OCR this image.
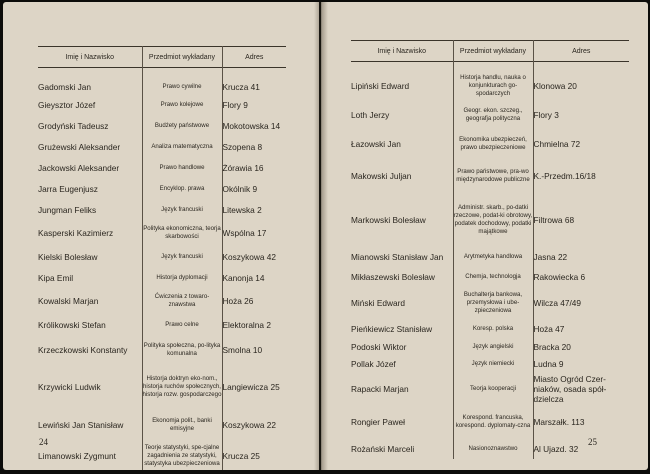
Imię i Nazwisko	Przedmiot wykładany	Adres

Gadomski Jan	Prawo cywilne	Krucza 41
Gieysztor Józef	Prawo kolejowe	Flory 9
Grodyński Tadeusz	Budżety państwowe	Mokotowska 14
Grużewski Aleksander	Analiza matematyczna	Szopena 8
Jackowski Aleksander	Prawo handlowe	Żórawia 16
Jarra Eugenjusz	Encyklop. prawa	Okólnik 9
Jungman Feliks	Język francuski	Litewska 2
Kasperski Kazimierz	Polityka ekonomiczna, teorja skarbowości	Wspólna 17
Kielski Bolesław	Język francuski	Koszykowa 42
Kipa Emil	Historja dyplomacji	Kanonja 14
Kowalski Marjan	Ćwiczenia z towaro-znawstwa	Hoża 26
Królikowski Stefan	Prawo celne	Elektoralna 2
Krzeczkowski Konstanty	Polityka społeczna, po-lityka komunalna	Smolna 10
Krzywicki Ludwik	Historja doktryn eko-nom., historja ruchów społecznych, historja rozw. gospodarczego	Langiewicza 25
Lewiński Jan Stanisław	Ekonomja polit., banki emisyjne	Koszykowa 22
Limanowski Zygmunt	Teorje statystyki, spe-cjalne zagadnienia ze statystyki, statystyka ubezpieczeniowa	Krucza 25
24
Imię i Nazwisko	Przedmiot wykładany	Adres

Lipiński Edward	Historja handlu, nauka o konjunkturach go-spodarczych	Klonowa 20
Loth Jerzy	Geogr. ekon. szczeg., geografja polityczna	Flory 3
Łazowski Jan	Ekonomika ubezpieczeń, prawo ubezpieczeniowe	Chmielna 72
Makowski Juljan	Prawo państwowe, pra-wo międzynarodowe publiczne	K.-Przedm.16/18
Markowski Bolesław	Administr. skarb., po-datki rzeczowe, podat-ki obrotowy, podatek dochodowy, podatki majątkowe	Filtrowa 68
Mianowski Stanisław Jan	Arytmetyka handlowa	Jasna 22
Mikłaszewski Bolesław	Chemja, technologja	Rakowiecka 6
Miński Edward	Buchalterja bankowa, przemysłowa i ube-zpieczeniowa	Wilcza 47/49
Pieńkiewicz Stanisław	Koresp. polska	Hoża 47
Podoski Wiktor	Język angielski	Bracka 20
Pollak Józef	Język niemiecki	Ludna 9
Rapacki Marjan	Teorja kooperacji	Miasto Ogród Czer-niaków, osada spół-dzielcza
Rongier Paweł	Korespond. francuska, korespond. dyplomaty-czna	Marszałk. 113
Rożański Marceli	Nasionoznawstwo	Al Ujazd. 32
25
